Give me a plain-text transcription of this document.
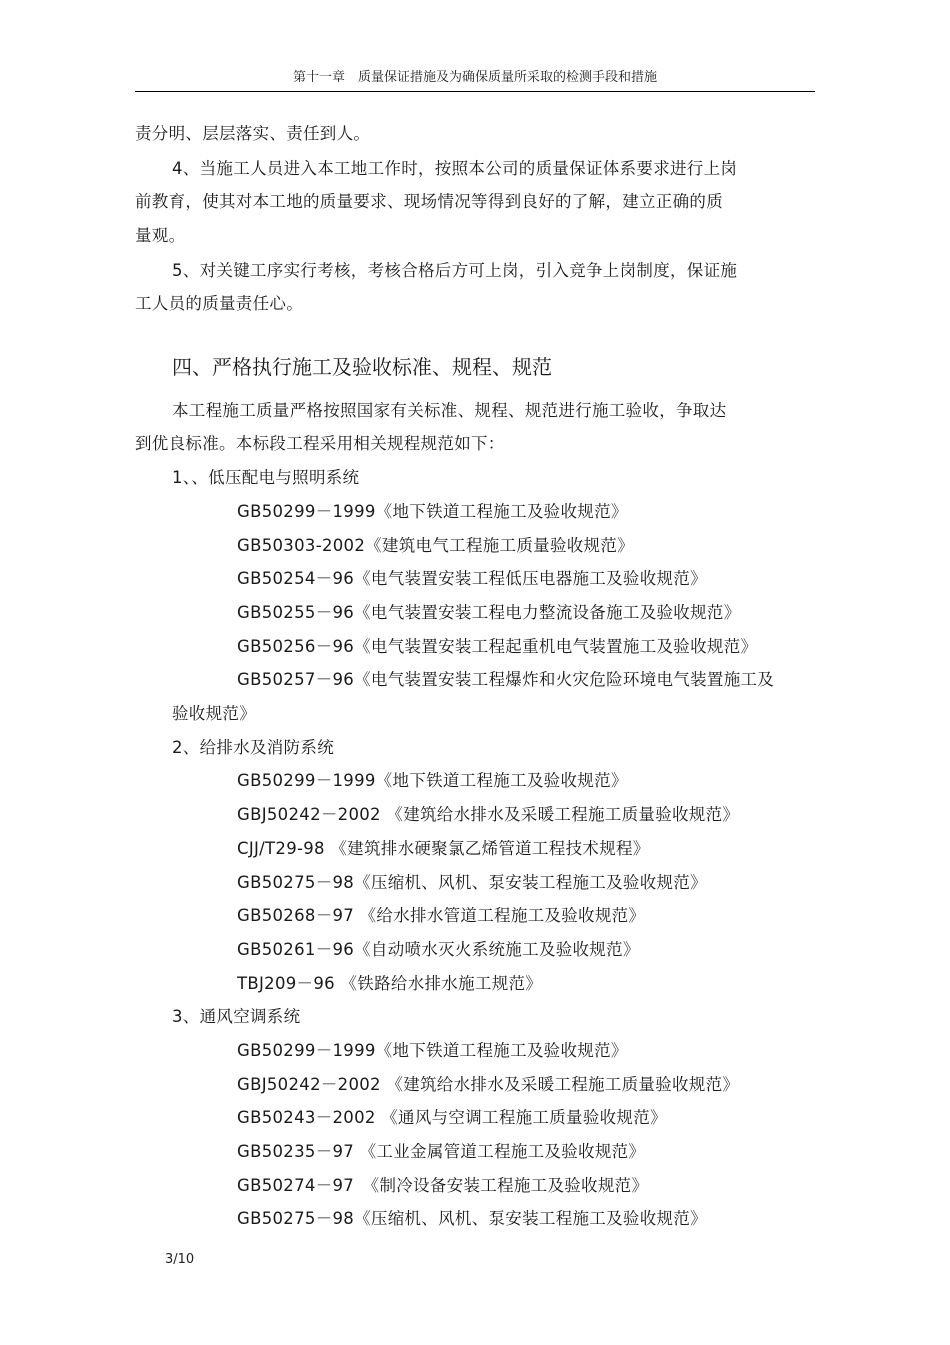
第十一章　质量保证措施及为确保质量所采取的检测手段和措施
责分明、层层落实、责任到人。
4、当施工人员进入本工地工作时，按照本公司的质量保证体系要求进行上岗
前教育，使其对本工地的质量要求、现场情况等得到良好的了解，建立正确的质
量观。
5、对关键工序实行考核，考核合格后方可上岗，引入竞争上岗制度，保证施
工人员的质量责任心。
四、严格执行施工及验收标准、规程、规范
本工程施工质量严格按照国家有关标准、规程、规范进行施工验收，争取达
到优良标准。本标段工程采用相关规程规范如下：
1、、低压配电与照明系统
GB50299－1999《地下铁道工程施工及验收规范》
GB50303-2002《建筑电气工程施工质量验收规范》
GB50254－96《电气装置安装工程低压电器施工及验收规范》
GB50255－96《电气装置安装工程电力整流设备施工及验收规范》
GB50256－96《电气装置安装工程起重机电气装置施工及验收规范》
GB50257－96《电气装置安装工程爆炸和火灾危险环境电气装置施工及
验收规范》
2、给排水及消防系统
GB50299－1999《地下铁道工程施工及验收规范》
GBJ50242－2002 《建筑给水排水及采暖工程施工质量验收规范》
CJJ/T29-98 《建筑排水硬聚氯乙烯管道工程技术规程》
GB50275－98《压缩机、风机、泵安装工程施工及验收规范》
GB50268－97 《给水排水管道工程施工及验收规范》
GB50261－96《自动喷水灭火系统施工及验收规范》
TBJ209－96 《铁路给水排水施工规范》
3、通风空调系统
GB50299－1999《地下铁道工程施工及验收规范》
GBJ50242－2002 《建筑给水排水及采暖工程施工质量验收规范》
GB50243－2002 《通风与空调工程施工质量验收规范》
GB50235－97 《工业金属管道工程施工及验收规范》
GB50274－97　《制冷设备安装工程施工及验收规范》
GB50275－98《压缩机、风机、泵安装工程施工及验收规范》
3/10
